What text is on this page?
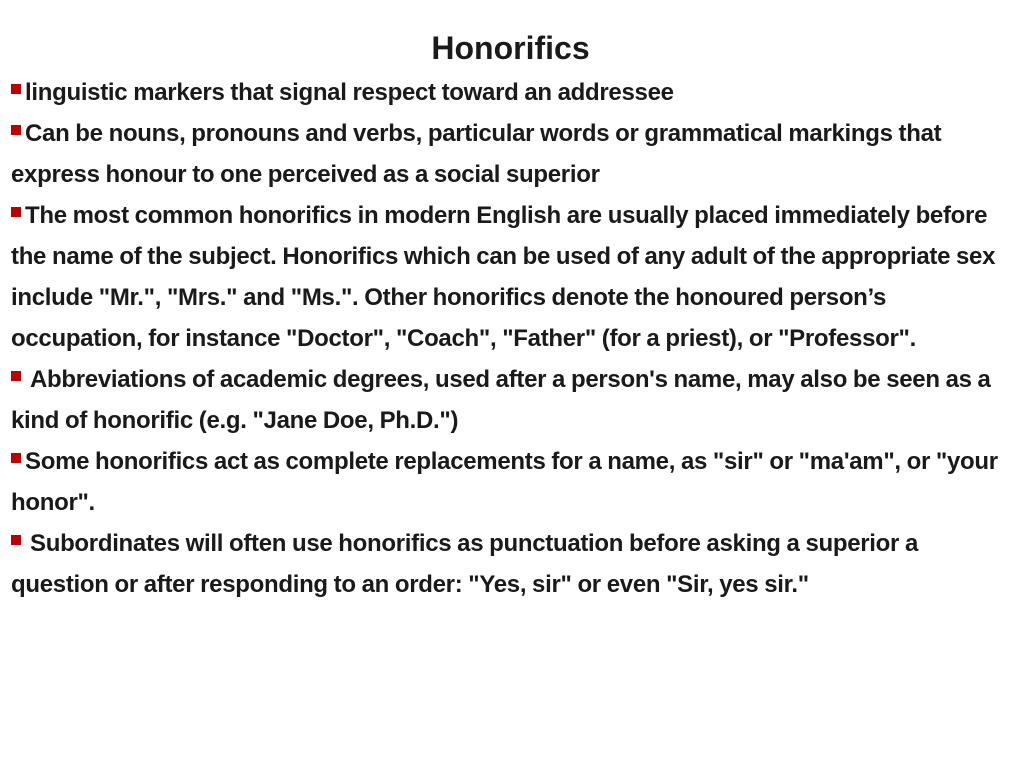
Honorifics
linguistic markers that signal respect toward an addressee
Can be nouns, pronouns and verbs, particular words or grammatical markings that express honour to one perceived as a social superior
The most common honorifics in modern English are usually placed immediately before the name of the subject. Honorifics which can be used of any adult of the appropriate sex include "Mr.", "Mrs." and "Ms.". Other honorifics denote the honoured person’s occupation, for instance "Doctor", "Coach", "Father" (for a priest), or "Professor".
Abbreviations of academic degrees, used after a person's name, may also be seen as a kind of honorific (e.g. "Jane Doe, Ph.D.")
Some honorifics act as complete replacements for a name, as "sir" or "ma'am", or "your honor".
Subordinates will often use honorifics as punctuation before asking a superior a question or after responding to an order: "Yes, sir" or even "Sir, yes sir."
